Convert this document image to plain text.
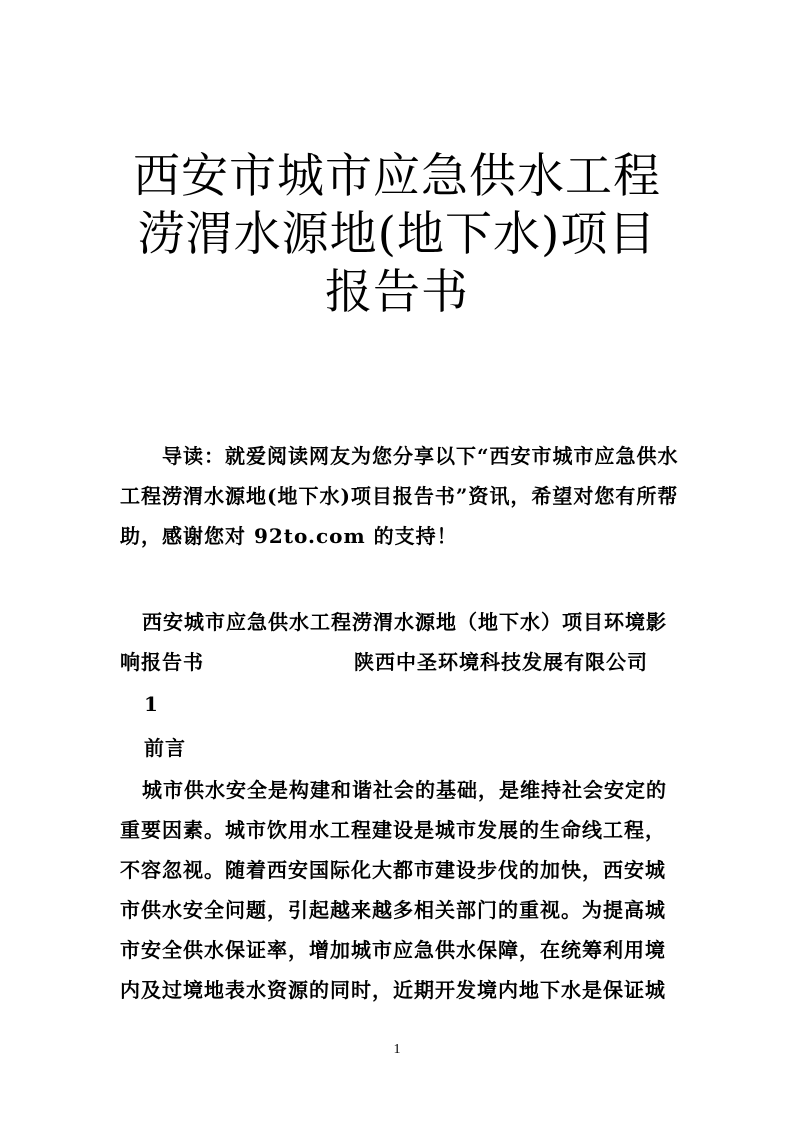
西安市城市应急供水工程
涝渭水源地(地下水)项目
报告书

导读：就爱阅读网友为您分享以下“西安市城市应急供水工程涝渭水源地(地下水)项目报告书”资讯，希望对您有所帮助，感谢您对 92to.com 的支持！

西安城市应急供水工程涝渭水源地（地下水）项目环境影响报告书	陕西中圣环境科技发展有限公司

1

前言

城市供水安全是构建和谐社会的基础，是维持社会安定的重要因素。城市饮用水工程建设是城市发展的生命线工程，不容忽视。随着西安国际化大都市建设步伐的加快，西安城市供水安全问题，引起越来越多相关部门的重视。为提高城市安全供水保证率，增加城市应急供水保障，在统筹利用境内及过境地表水资源的同时，近期开发境内地下水是保证城

1
